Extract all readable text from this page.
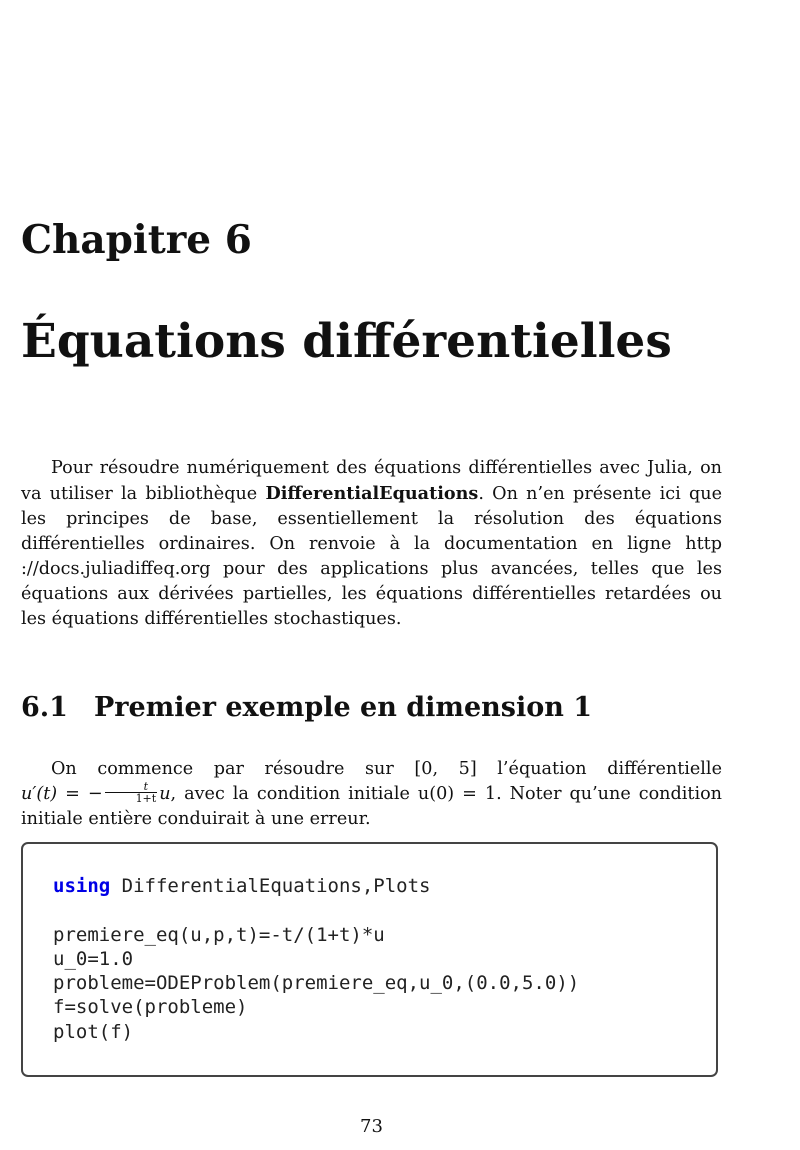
Chapitre 6
Équations différentielles

Pour résoudre numériquement des équations différentielles avec Julia, on va utiliser la bibliothèque DifferentialEquations. On n’en présente ici que les principes de base, essentiellement la résolution des équations différentielles ordinaires. On renvoie à la documentation en ligne http ://docs.juliadiffeq.org pour des applications plus avancées, telles que les équations aux dérivées partielles, les équations différentielles retardées ou les équations différentielles stochastiques.

6.1 Premier exemple en dimension 1

On commence par résoudre sur [0, 5] l’équation différentielle u′(t) = − $\frac{t}{1+t} u$, avec la condition initiale u(0) = 1. Noter qu’une condition initiale entière conduirait à une erreur.

using DifferentialEquations,Plots

premiere_eq(u,p,t)=-t/(1+t)*u
u_0=1.0
probleme=ODEProblem(premiere_eq,u_0,(0.0,5.0))
f=solve(probleme)
plot(f)
73
